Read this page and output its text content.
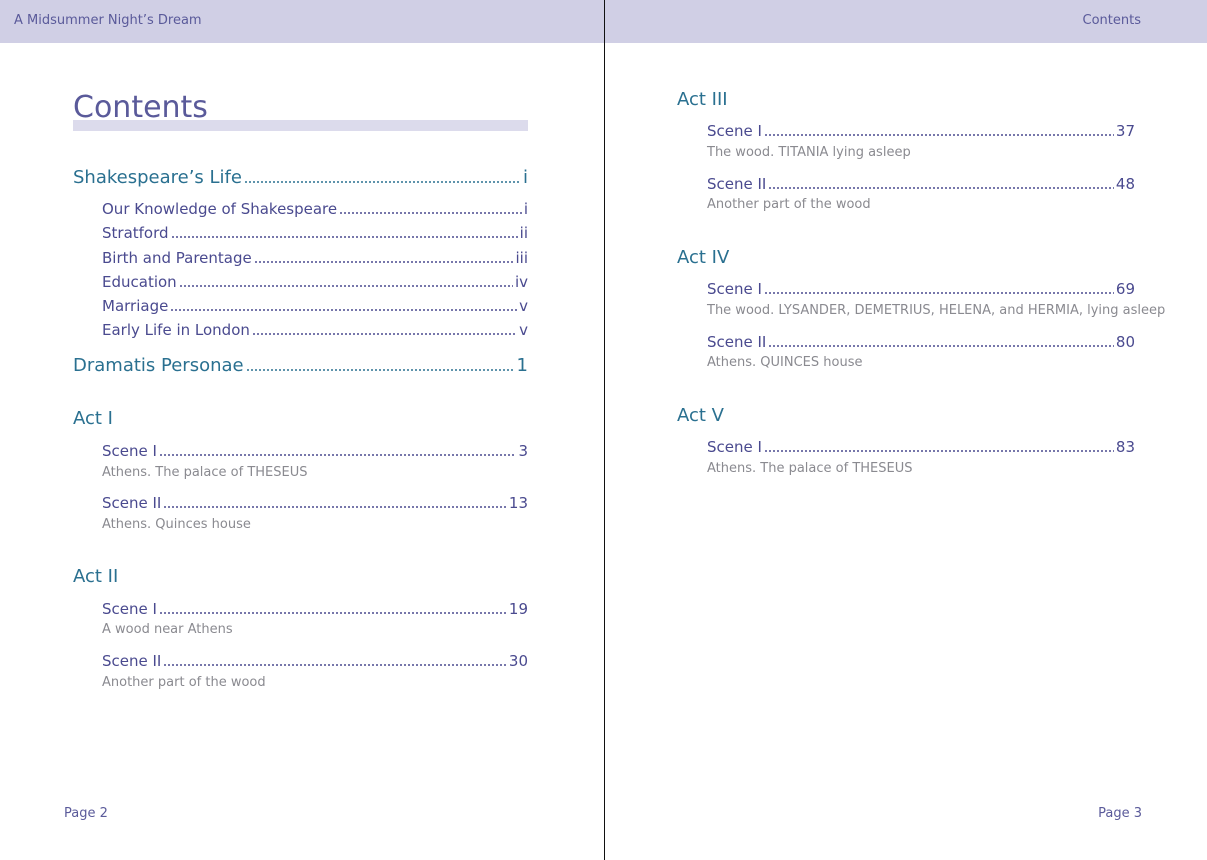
A Midsummer Night’s Dream
Contents
Shakespeare’s Life	i
Our Knowledge of Shakespeare	i
Stratford	ii
Birth and Parentage	iii
Education	iv
Marriage	v
Early Life in London	v
Dramatis Personae	1
Act I
Scene I	3
Athens. The palace of THESEUS
Scene II	13
Athens. Quinces house
Act II
Scene I	19
A wood near Athens
Scene II	30
Another part of the wood
Page 2
Contents
Act III
Scene I	37
The wood. TITANIA lying asleep
Scene II	48
Another part of the wood
Act IV
Scene I	69
The wood. LYSANDER, DEMETRIUS, HELENA, and HERMIA, lying asleep
Scene II	80
Athens. QUINCES house
Act V
Scene I	83
Athens. The palace of THESEUS
Page 3
